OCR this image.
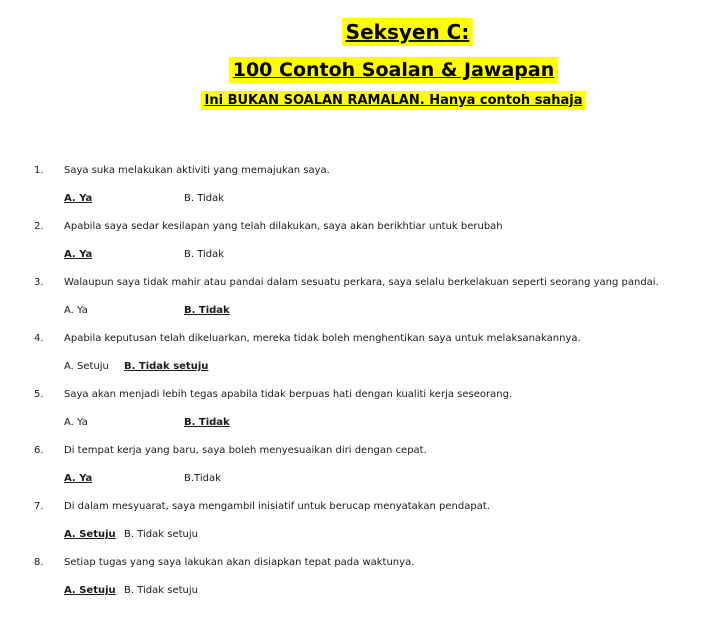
Seksyen C:
100 Contoh Soalan & Jawapan
Ini BUKAN SOALAN RAMALAN. Hanya contoh sahaja
1. Saya suka melakukan aktiviti yang memajukan saya.
A. Ya	B. Tidak
2. Apabila saya sedar kesilapan yang telah dilakukan, saya akan berikhtiar untuk berubah
A. Ya	B. Tidak
3. Walaupun saya tidak mahir atau pandai dalam sesuatu perkara, saya selalu berkelakuan seperti seorang yang pandai.
A. Ya	B. Tidak
4. Apabila keputusan telah dikeluarkan, mereka tidak boleh menghentikan saya untuk melaksanakannya.
A. Setuju B. Tidak setuju
5. Saya akan menjadi lebih tegas apabila tidak berpuas hati dengan kualiti kerja seseorang.
A. Ya	B. Tidak
6. Di tempat kerja yang baru, saya boleh menyesuaikan diri dengan cepat.
A. Ya	B.Tidak
7. Di dalam mesyuarat, saya mengambil inisiatif untuk berucap menyatakan pendapat.
A. Setuju B. Tidak setuju
8. Setiap tugas yang saya lakukan akan disiapkan tepat pada waktunya.
A. Setuju B. Tidak setuju
